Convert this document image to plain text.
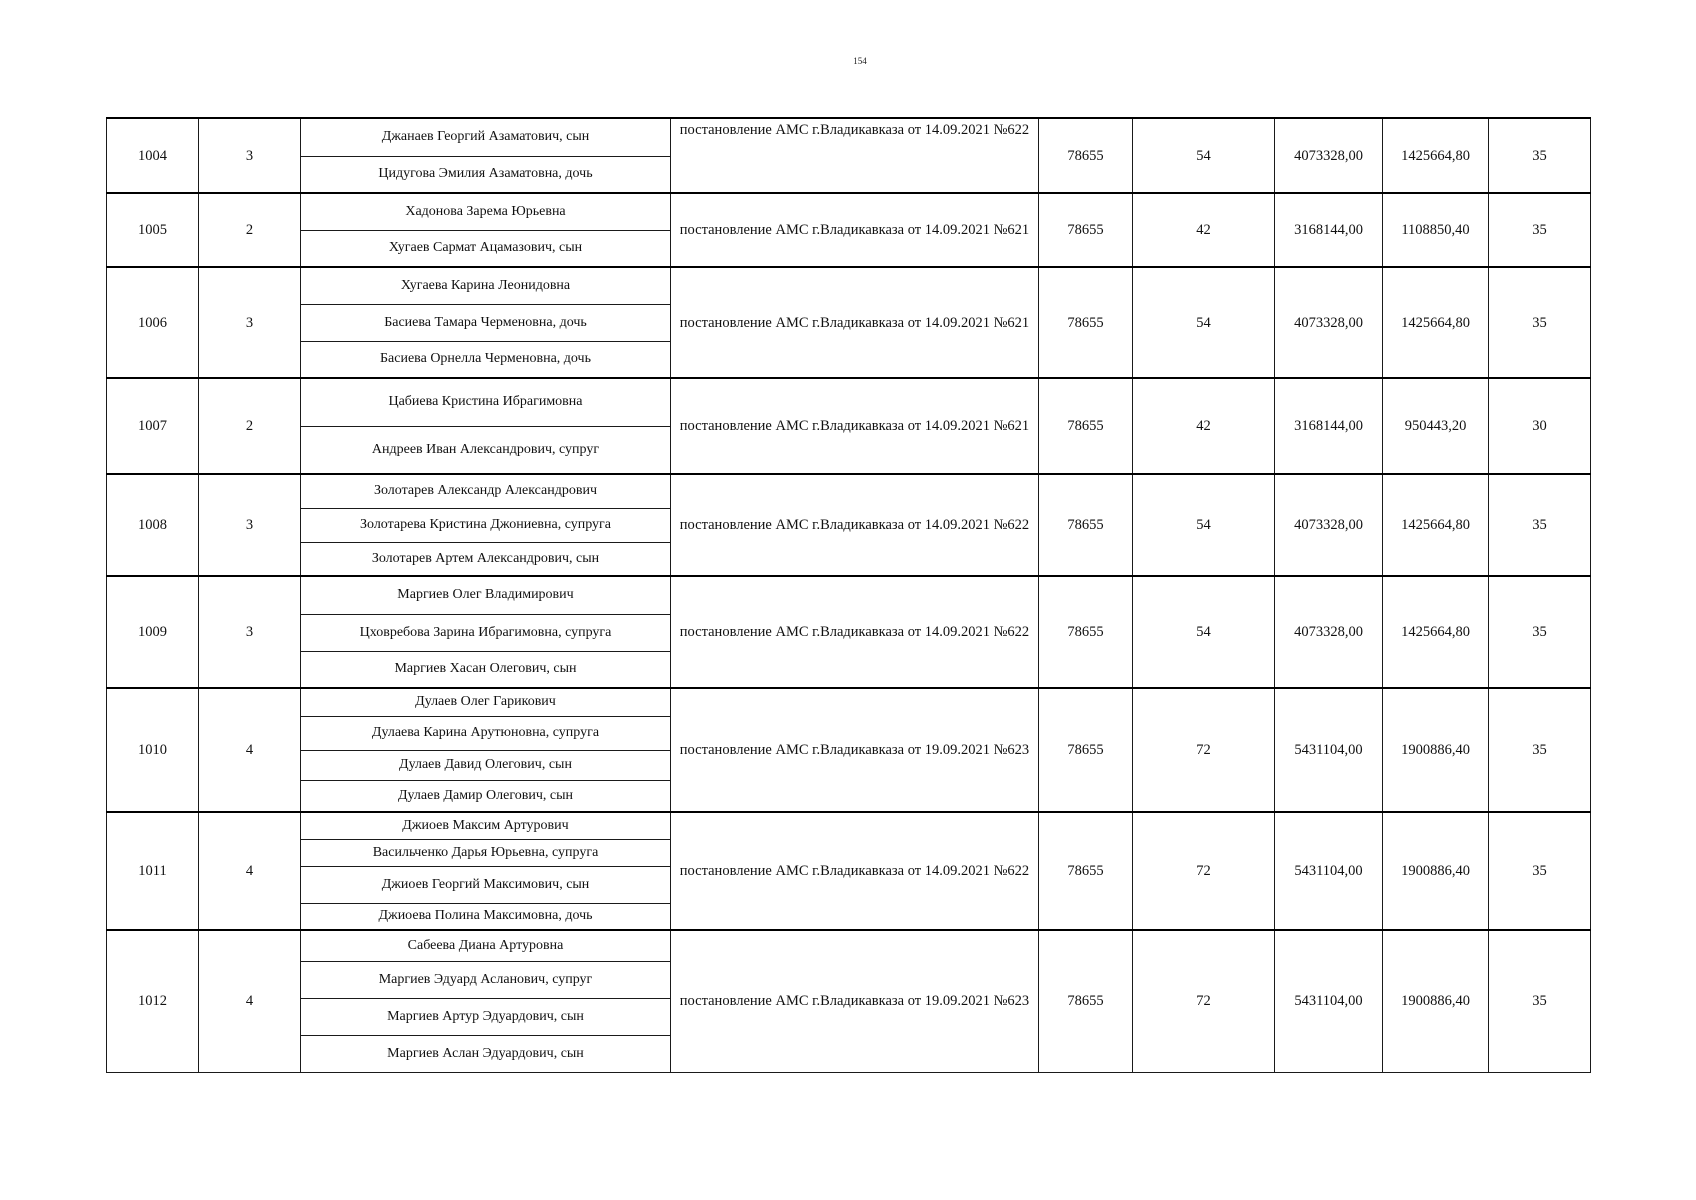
154
1004	3	Джанаев Георгий Азаматович, сын	постановление АМС г.Владикавказа от 14.09.2021 №622	78655	54	4073328,00	1425664,80	35
		Цидугова Эмилия Азаматовна, дочь						
1005	2	Хадонова Зарема Юрьевна	постановление АМС г.Владикавказа от 14.09.2021 №621	78655	42	3168144,00	1108850,40	35
		Хугаев Сармат Ацамазович, сын						
1006	3	Хугаева Карина Леонидовна	постановление АМС г.Владикавказа от 14.09.2021 №621	78655	54	4073328,00	1425664,80	35
		Басиева Тамара Черменовна, дочь						
		Басиева Орнелла Черменовна, дочь						
1007	2	Цабиева Кристина Ибрагимовна	постановление АМС г.Владикавказа от 14.09.2021 №621	78655	42	3168144,00	950443,20	30
		Андреев Иван Александрович, супруг						
1008	3	Золотарев Александр Александрович	постановление АМС г.Владикавказа от 14.09.2021 №622	78655	54	4073328,00	1425664,80	35
		Золотарева Кристина Джониевна, супруга						
		Золотарев Артем Александрович, сын						
1009	3	Маргиев Олег Владимирович	постановление АМС г.Владикавказа от 14.09.2021 №622	78655	54	4073328,00	1425664,80	35
		Цховребова Зарина Ибрагимовна, супруга						
		Маргиев Хасан Олегович, сын						
1010	4	Дулаев Олег Гарикович	постановление АМС г.Владикавказа от 19.09.2021 №623	78655	72	5431104,00	1900886,40	35
		Дулаева Карина Арутюновна, супруга						
		Дулаев Давид Олегович, сын						
		Дулаев Дамир Олегович, сын						
1011	4	Джиоев Максим Артурович	постановление АМС г.Владикавказа от 14.09.2021 №622	78655	72	5431104,00	1900886,40	35
		Васильченко Дарья Юрьевна, супруга						
		Джиоев Георгий Максимович, сын						
		Джиоева Полина Максимовна, дочь						
1012	4	Сабеева Диана Артуровна	постановление АМС г.Владикавказа от 19.09.2021 №623	78655	72	5431104,00	1900886,40	35
		Маргиев Эдуард Асланович, супруг						
		Маргиев Артур Эдуардович, сын						
		Маргиев Аслан Эдуардович, сын						
